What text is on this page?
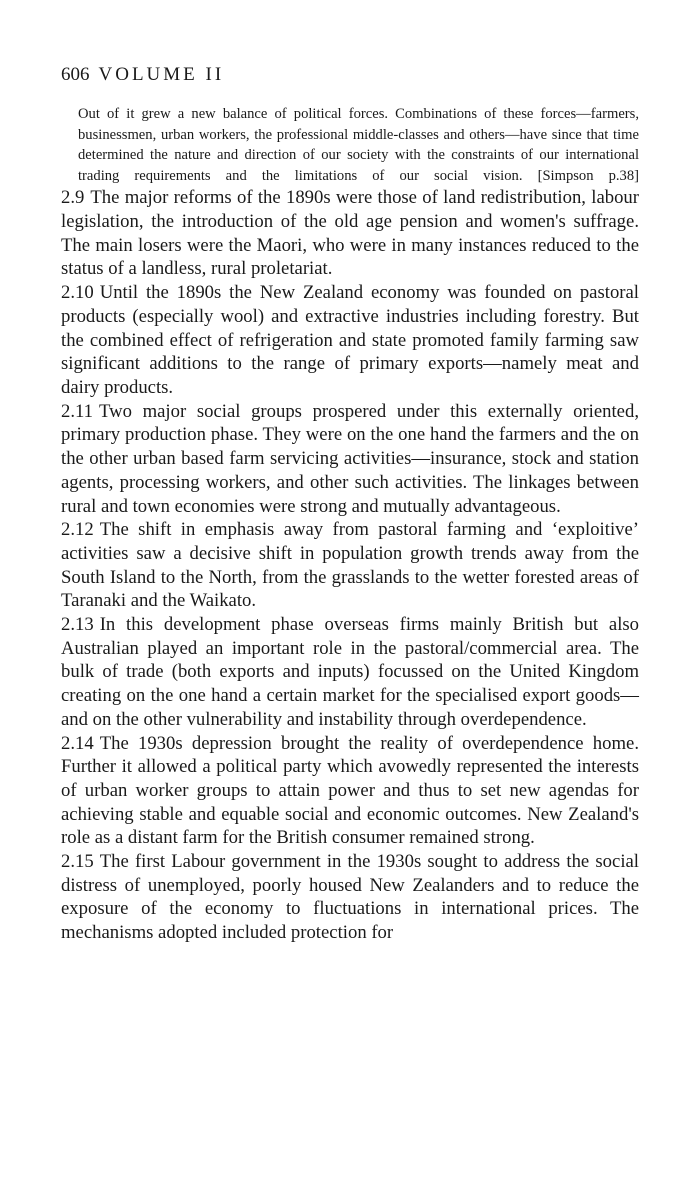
606 VOLUME II
Out of it grew a new balance of political forces. Combinations of these forces—farmers, businessmen, urban workers, the professional middle-classes and others—have since that time determined the nature and direction of our society with the constraints of our international trading requirements and the limitations of our social vision. [Simpson p.38]

2.9 The major reforms of the 1890s were those of land redistribution, labour legislation, the introduction of the old age pension and women's suffrage. The main losers were the Maori, who were in many instances reduced to the status of a landless, rural proletariat.

2.10 Until the 1890s the New Zealand economy was founded on pastoral products (especially wool) and extractive industries including forestry. But the combined effect of refrigeration and state promoted family farming saw significant additions to the range of primary exports—namely meat and dairy products.

2.11 Two major social groups prospered under this externally oriented, primary production phase. They were on the one hand the farmers and the on the other urban based farm servicing activities—insurance, stock and station agents, processing workers, and other such activities. The linkages between rural and town economies were strong and mutually advantageous.

2.12 The shift in emphasis away from pastoral farming and ‘exploitive’ activities saw a decisive shift in population growth trends away from the South Island to the North, from the grasslands to the wetter forested areas of Taranaki and the Waikato.

2.13 In this development phase overseas firms mainly British but also Australian played an important role in the pastoral/commercial area. The bulk of trade (both exports and inputs) focussed on the United Kingdom creating on the one hand a certain market for the specialised export goods—and on the other vulnerability and instability through overdependence.

2.14 The 1930s depression brought the reality of overdependence home. Further it allowed a political party which avowedly represented the interests of urban worker groups to attain power and thus to set new agendas for achieving stable and equable social and economic outcomes. New Zealand's role as a distant farm for the British consumer remained strong.

2.15 The first Labour government in the 1930s sought to address the social distress of unemployed, poorly housed New Zealanders and to reduce the exposure of the economy to fluctuations in international prices. The mechanisms adopted included protection for
